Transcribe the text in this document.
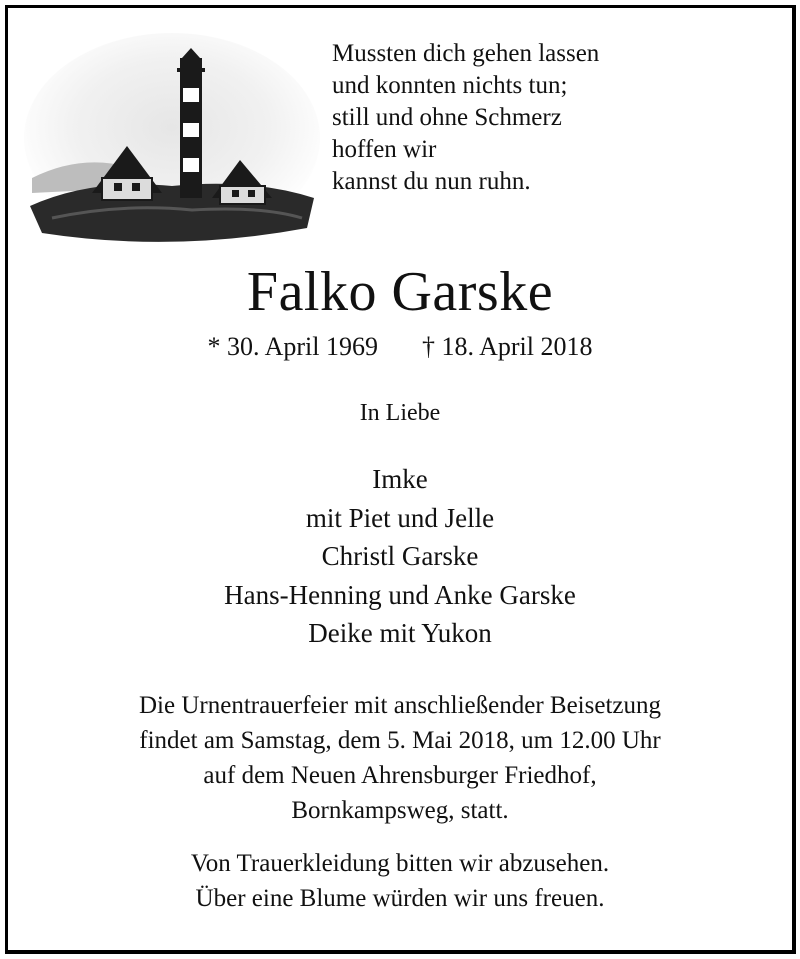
Mussten dich gehen lassen
und konnten nichts tun;
still und ohne Schmerz
hoffen wir
kannst du nun ruhn.
Falko Garske
* 30. April 1969 † 18. April 2018
In Liebe
Imke
mit Piet und Jelle
Christl Garske
Hans-Henning und Anke Garske
Deike mit Yukon
Die Urnentrauerfeier mit anschließender Beisetzung
findet am Samstag, dem 5. Mai 2018, um 12.00 Uhr
auf dem Neuen Ahrensburger Friedhof,
Bornkampsweg, statt.
Von Trauerkleidung bitten wir abzusehen.
Über eine Blume würden wir uns freuen.
